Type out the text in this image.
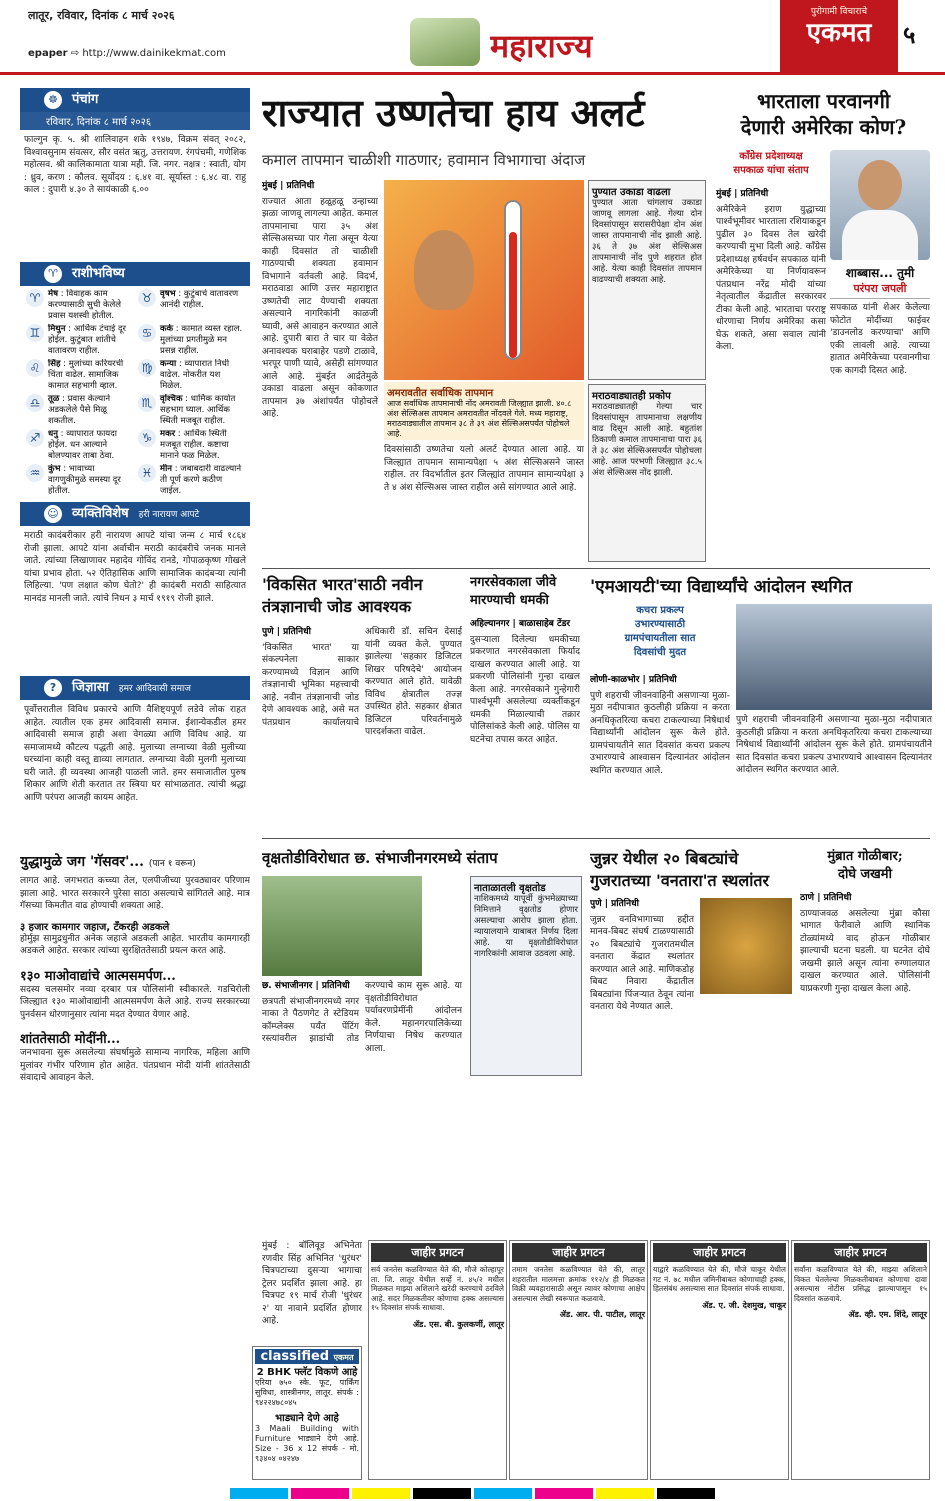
लातूर, रविवार, दिनांक ८ मार्च २०२६
epaper ⇨ http://www.dainikekmat.com	महाराज्य
पुरोगामी विचाराचे
एकमत	५
☸	पंचांग
रविवार, दिनांक ८ मार्च २०२६
फाल्गुन कृ. ५. श्री शालिवाहन शके १९४७, विक्रम संवत् २०८२, विश्वावसुनाम संवत्सर, सौर वसंत ऋतु, उत्तरायण. रंगपंचमी, गणेशिक महोत्सव. श्री कालिकामाता यात्रा मही. जि. नगर. नक्षत्र : स्वाती, योग : ध्रुव, करण : कौलव. सूर्योदय : ६.४१ वा. सूर्यास्त : ६.४८ वा. राहु काल : दुपारी ४.३० ते सायंकाळी ६.००
♈	राशीभविष्य
♈ मेष : विवाहक काम करण्यासाठी सुची केलेले प्रवास यशस्वी होतील.
♉ वृषभ : कुटुंबाचे वातावरण आनंदी राहील.
♊ मिथुन : आर्थिक टंचाई दूर होईल. कुटुंबात शांतीचे वातावरण राहील.
♋ कर्क : कामात व्यस्त रहाल. मुलांच्या प्रगतीमुळे मन प्रसन्न राहील.
♌ सिंह : मुलांच्या करियरची चिंता वाढेल. सामाजिक कामात सहभागी व्हाल.
♍ कन्या : व्यापारात निधी वाढेल. नोकरीत यश मिळेल.
♎ तूळ : प्रवास केल्याने अडकलेले पैसे मिळू शकतील.
♏ वृश्चिक : धार्मिक कार्यात सहभाग घ्याल. आर्थिक स्थिती मजबूत राहील.
♐ धनु : व्यापारात फायदा होईल. धन आल्याने बोलण्यावर ताबा ठेवा.
♑ मकर : आर्थिक स्थिती मजबूत राहील. कष्टाचा मानाने फळ मिळेल.
♒ कुंभ : भावाच्या वागणुकीमुळे समस्या दूर होतील.
♓ मीन : जबाबदारी वाढल्याने ती पूर्ण करणे कठीण जाईल.
☺ व्यक्तिविशेष हरी नारायण आपटे
मराठी कादंबरीकार हरी नारायण आपटे यांचा जन्म ८ मार्च १८६४ रोजी झाला. आपटे यांना अर्वाचीन मराठी कादंबरीचे जनक मानले जाते. त्यांच्या लिखाणावर महादेव गोविंद रानडे, गोपाळकृष्ण गोखले यांचा प्रभाव होता. ५२ ऐतिहासिक आणि सामाजिक कादंबऱ्या त्यांनी लिहिल्या. 'पण लक्षात कोण घेतो?' ही कादंबरी मराठी साहित्यात मानदंड मानली जाते. त्यांचे निधन ३ मार्च १९१९ रोजी झाले.
?	जिज्ञासा हमर आदिवासी समाज
पूर्वोत्तरातील विविध प्रकारचे आणि वैशिष्ट्यपूर्ण लडेवे लोक राहत आहेत. त्यातील एक हमर आदिवासी समाज. ईशान्येकडील हमर आदिवासी समाज हाही अशा वेगळ्या आणि विविध आहे. या समाजामध्ये कौटल्य पद्धती आहे. मुलाच्या लग्नाच्या वेळी मुलीच्या घरच्यांना काही वस्तू द्याव्या लागतात. लग्नाच्या वेळी मुलगी मुलाच्या घरी जाते. ही व्यवस्था आजही पाळली जाते. हमर समाजातील पुरुष शिकार आणि शेती करतात तर स्त्रिया घर सांभाळतात. त्यांची श्रद्धा आणि परंपरा आजही कायम आहेत.
राज्यात उष्णतेचा हाय अलर्ट
कमाल तापमान चाळीशी गाठणार; हवामान विभागाचा अंदाज
मुंबई | प्रतिनिधी
राज्यात आता हळूहळू उन्हाच्या झळा जाणवू लागल्या आहेत. कमाल तापमानाचा पारा ३५ अंश सेल्सिअसच्या पार गेला असून येत्या काही दिवसांत तो चाळीशी गाठण्याची शक्यता हवामान विभागाने वर्तवली आहे. विदर्भ, मराठवाडा आणि उत्तर महाराष्ट्रात उष्णतेची लाट येण्याची शक्यता असल्याने नागरिकांनी काळजी घ्यावी, असे आवाहन करण्यात आले आहे. दुपारी बारा ते चार या वेळेत अनावश्यक घराबाहेर पडणे टाळावे, भरपूर पाणी प्यावे, असेही सांगण्यात आले आहे. मुंबईत आर्द्रतेमुळे उकाडा वाढला असून कोकणात तापमान ३७ अंशांपर्यंत पोहोचले आहे.
अमरावतीत सर्वाधिक तापमान
आज सर्वाधिक तापमानाची नोंद अमरावती जिल्ह्यात झाली. ४०.८ अंश सेल्सिअस तापमान अमरावतीत नोंदवले गेले. मध्य महाराष्ट्र, मराठवाड्यातील तापमान ३८ ते ३९ अंश सेल्सिअसपर्यंत पोहोचले आहे.
दिवसांसाठी उष्णतेचा यलो अलर्ट देण्यात आला आहे. या जिल्ह्यात तापमान सामान्यपेक्षा ५ अंश सेल्सिअसने जास्त राहील. तर विदर्भातील इतर जिल्ह्यांत तापमान सामान्यपेक्षा ३ ते ४ अंश सेल्सिअस जास्त राहील असे सांगण्यात आले आहे.
पुण्यात उकाडा वाढला
पुण्यात आता चांगलाच उकाडा जाणवू लागला आहे. गेल्या दोन दिवसांपासून सरासरीपेक्षा दोन अंश जास्त तापमानाची नोंद झाली आहे. ३६ ते ३७ अंश सेल्सिअस तापमानाची नोंद पुणे शहरात होत आहे. येत्या काही दिवसांत तापमान वाढण्याची शक्यता आहे.
मराठवाड्यातही प्रकोप
मराठवाड्यातही गेल्या चार दिवसांपासून तापमानाचा लक्षणीय वाढ दिसून आली आहे. बहुतांश ठिकाणी कमाल तापमानाचा पारा ३६ ते ३८ अंश सेल्सिअसपर्यंत पोहोचला आहे. आज परभणी जिल्ह्यात ३८.५ अंश सेल्सिअस नोंद झाली.
भारताला परवानगी
देणारी अमेरिका कोण?
काँग्रेस प्रदेशाध्यक्ष
सपकाळ यांचा संताप
मुंबई | प्रतिनिधी
अमेरिकेने इराण युद्धाच्या पार्श्वभूमीवर भारताला रशियाकडून पुढील ३० दिवस तेल खरेदी करण्याची मुभा दिली आहे. काँग्रेस प्रदेशाध्यक्ष हर्षवर्धन सपकाळ यांनी अमेरिकेच्या या निर्णयावरून पंतप्रधान नरेंद्र मोदी यांच्या नेतृत्वातील केंद्रातील सरकारवर टीका केली आहे. भारताचा परराष्ट्र धोरणाचा निर्णय अमेरिका कसा घेऊ शकते, असा सवाल त्यांनी केला.
शाब्बास... तुमी
परंपरा जपली
सपकाळ यांनी शेअर केलेल्या फोटोत मोदींच्या फाईवर 'डाउनलोड करण्याचा' आणि एकी लावली आहे. त्याच्या हातात अमेरिकेच्या परवानगीचा एक कागदी दिसत आहे.
'विकसित भारत'साठी नवीन
तंत्रज्ञानाची जोड आवश्यक
पुणे | प्रतिनिधी
'विकसित भारत' या संकल्पनेला साकार करण्यामध्ये विज्ञान आणि तंत्रज्ञानाची भूमिका महत्त्वाची आहे. नवीन तंत्रज्ञानाची जोड देणे आवश्यक आहे, असे मत पंतप्रधान कार्यालयाचे अधिकारी डॉ. सचिन देसाई यांनी व्यक्त केले. पुण्यात झालेल्या 'सहकार डिजिटल शिखर परिषदेचे' आयोजन करण्यात आले होते. यावेळी विविध क्षेत्रातील तज्ज्ञ उपस्थित होते. सहकार क्षेत्रात डिजिटल परिवर्तनामुळे पारदर्शकता वाढेल.
नगरसेवकाला जीवे
मारण्याची धमकी
अहिल्यानगर | बाळासाहेब टेंडर
दुसऱ्याला दिलेल्या धमकीच्या प्रकरणात नगरसेवकाला फिर्याद दाखल करण्यात आली आहे. या प्रकरणी पोलिसांनी गुन्हा दाखल केला आहे. नगरसेवकाने गुन्हेगारी पार्श्वभूमी असलेल्या व्यक्तींकडून धमकी मिळाल्याची तक्रार पोलिसांकडे केली आहे. पोलिस या घटनेचा तपास करत आहेत.
'एमआयटी'च्या विद्यार्थ्यांचे आंदोलन स्थगित
कचरा प्रकल्प
उभारण्यासाठी
ग्रामपंचायतीला सात
दिवसांची मुदत
लोणी-काळभोर | प्रतिनिधी
पुणे शहराची जीवनवाहिनी असणाऱ्या मुळा-मुठा नदीपात्रात कुठलीही प्रक्रिया न करता अनधिकृतरित्या कचरा टाकल्याच्या निषेधार्थ विद्यार्थ्यांनी आंदोलन सुरू केले होते. ग्रामपंचायतीने सात दिवसांत कचरा प्रकल्प उभारण्याचे आश्वासन दिल्यानंतर आंदोलन स्थगित करण्यात आले.
पुणे शहराची जीवनवाहिनी असणाऱ्या मुळा-मुठा नदीपात्रात कुठलीही प्रक्रिया न करता अनधिकृतरित्या कचरा टाकल्याच्या निषेधार्थ विद्यार्थ्यांनी आंदोलन सुरू केले होते. ग्रामपंचायतीने सात दिवसांत कचरा प्रकल्प उभारण्याचे आश्वासन दिल्यानंतर आंदोलन स्थगित करण्यात आले.
युद्धामुळे जग 'गॅसवर'... (पान १ वरून)
लागत आहे. जगभरात कच्च्या तेल, एलपीजीच्या पुरवठ्यावर परिणाम झाला आहे. भारत सरकारने पुरेसा साठा असल्याचे सांगितले आहे. मात्र गॅसच्या किमतीत वाढ होण्याची शक्यता आहे.
३ हजार कामगार जहाज, टँकरही अडकले
होर्मुझ सामुद्रधुनीत अनेक जहाजे अडकली आहेत. भारतीय कामगारही अडकले आहेत. सरकार त्यांच्या सुरक्षिततेसाठी प्रयत्न करत आहे.
१३० माओवाद्यांचे आत्मसमर्पण...
सदस्य चलसमोर नव्या दरबार पत्र पोलिसांनी स्वीकारले. गडचिरोली जिल्ह्यात १३० माओवाद्यांनी आत्मसमर्पण केले आहे. राज्य सरकारच्या पुनर्वसन धोरणानुसार त्यांना मदत देण्यात येणार आहे.
शांततेसाठी मोदींनी...
जनभावना सुरू असलेल्या संघर्षामुळे सामान्य नागरिक, महिला आणि मुलांवर गंभीर परिणाम होत आहेत. पंतप्रधान मोदी यांनी शांततेसाठी संवादाचे आवाहन केले.
वृक्षतोडीविरोधात छ. संभाजीनगरमध्ये संताप
छ. संभाजीनगर | प्रतिनिधी
छत्रपती संभाजीनगरमध्ये नगर नाका ते पैठणगेट ते स्टेडियम कॉम्प्लेक्स पर्यंत पेंटिंग रस्त्यांवरील झाडांची तोड करण्याचे काम सुरू आहे. या वृक्षतोडीविरोधात पर्यावरणप्रेमींनी आंदोलन केले. महानगरपालिकेच्या निर्णयाचा निषेध करण्यात आला.
नाताळातली वृक्षतोड
नाशिकमध्ये यापूर्वी कुंभमेळ्याच्या निमित्ताने वृक्षतोड होणार असल्याचा आरोप झाला होता. न्यायालयाने याबाबत निर्णय दिला आहे. या वृक्षतोडीविरोधात नागरिकांनी आवाज उठवला आहे.
जुन्नर येथील २० बिबट्यांचे
गुजरातच्या 'वनतारा'त स्थलांतर
पुणे | प्रतिनिधी
जुन्नर वनविभागाच्या हद्दीत मानव-बिबट संघर्ष टाळण्यासाठी २० बिबट्यांचे गुजरातमधील वनतारा केंद्रात स्थलांतर करण्यात आले आहे. माणिकडोह बिबट निवारा केंद्रातील बिबट्यांना पिंजऱ्यात ठेवून त्यांना वनतारा येथे नेण्यात आले.
मुंब्रात गोळीबार;
दोघे जखमी
ठाणे | प्रतिनिधी
ठाण्याजवळ असलेल्या मुंब्रा कौसा भागात फेरीवाले आणि स्थानिक टोळ्यांमध्ये वाद होऊन गोळीबार झाल्याची घटना घडली. या घटनेत दोघे जखमी झाले असून त्यांना रुग्णालयात दाखल करण्यात आले. पोलिसांनी याप्रकरणी गुन्हा दाखल केला आहे.
मुंबई : बॉलिवूड अभिनेता रणवीर सिंह अभिनित 'धुरंधर' चित्रपटाच्या दुसऱ्या भागाचा ट्रेलर प्रदर्शित झाला आहे. हा चित्रपट १९ मार्च रोजी 'धुरंधर २' या नावाने प्रदर्शित होणार आहे.
classified एकमत
2 BHK फ्लॅट विकणे आहे
एरिया ७५० स्के. फूट, पार्किंग सुविधा, शास्त्रीनगर, लातूर. संपर्क : ९४२२४७८०४५
भाड्याने देणे आहे
3 Maali Building with Furniture भाड्याने देणे आहे. Size - 36 x 12 संपर्क - मो. ९३४०४ ०४२४७
जाहीर प्रगटन
सर्व जनतेस कळविण्यात येते की, मौजे कोल्हापूर ता. जि. लातूर येथील सर्व्हे नं. ४५/२ मधील मिळकत माझ्या अशिलाने खरेदी करण्याचे ठरविले आहे. सदर मिळकतीवर कोणाचा हक्क असल्यास १५ दिवसांत संपर्क साधावा.
ॲड. एस. बी. कुलकर्णी, लातूर
जाहीर प्रगटन
तमाम जनतेस कळविण्यात येते की, लातूर शहरातील मालमत्ता क्रमांक ११२/४ ही मिळकत विक्री व्यवहारासाठी असून त्यावर कोणाचा आक्षेप असल्यास लेखी स्वरूपात कळवावे.
ॲड. आर. पी. पाटील, लातूर
जाहीर प्रगटन
याद्वारे कळविण्यात येते की, मौजे चाकूर येथील गट नं. ७८ मधील जमिनीबाबत कोणाचाही हक्क, हितसंबंध असल्यास सात दिवसांत संपर्क साधावा.
ॲड. ए. जी. देशमुख, चाकूर
जाहीर प्रगटन
सर्वांना कळविण्यात येते की, माझ्या अशिलाने विकत घेतलेल्या मिळकतीबाबत कोणाचा दावा असल्यास नोटीस प्रसिद्ध झाल्यापासून १५ दिवसांत कळवावे.
ॲड. व्ही. एम. शिंदे, लातूर
